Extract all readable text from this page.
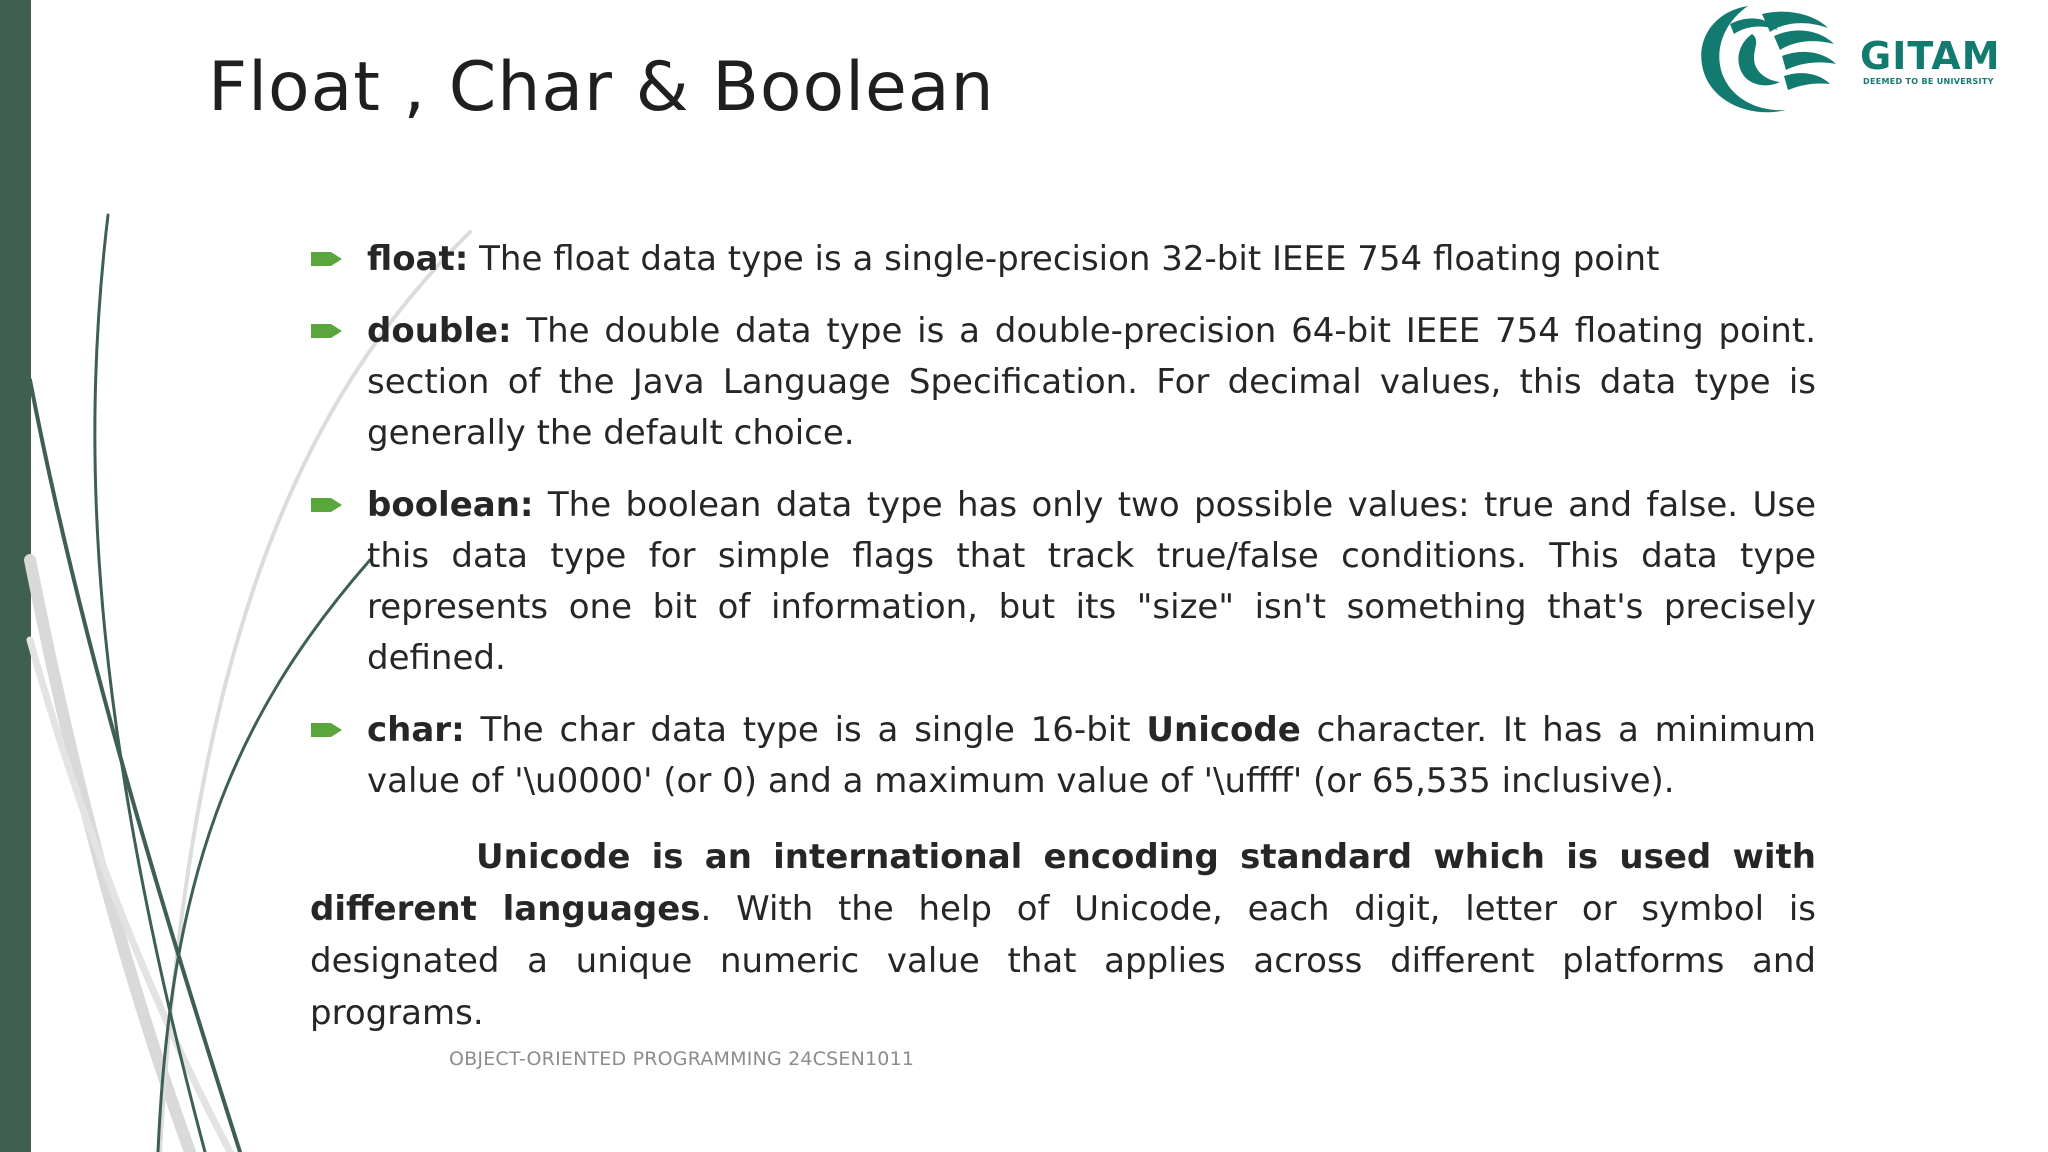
Float , Char & Boolean	GITAM
DEEMED TO BE UNIVERSITY

float: The float data type is a single-precision 32-bit IEEE 754 floating point

double: The double data type is a double-precision 64-bit IEEE 754 floating point. section of the Java Language Specification. For decimal values, this data type is generally the default choice.

boolean: The boolean data type has only two possible values: true and false. Use this data type for simple flags that track true/false conditions. This data type represents one bit of information, but its "size" isn't something that's precisely defined.

char: The char data type is a single 16-bit Unicode character. It has a minimum value of '\u0000' (or 0) and a maximum value of '\uffff' (or 65,535 inclusive).

Unicode is an international encoding standard which is used with different languages. With the help of Unicode, each digit, letter or symbol is designated a unique numeric value that applies across different platforms and programs.

OBJECT-ORIENTED PROGRAMMING 24CSEN1011
